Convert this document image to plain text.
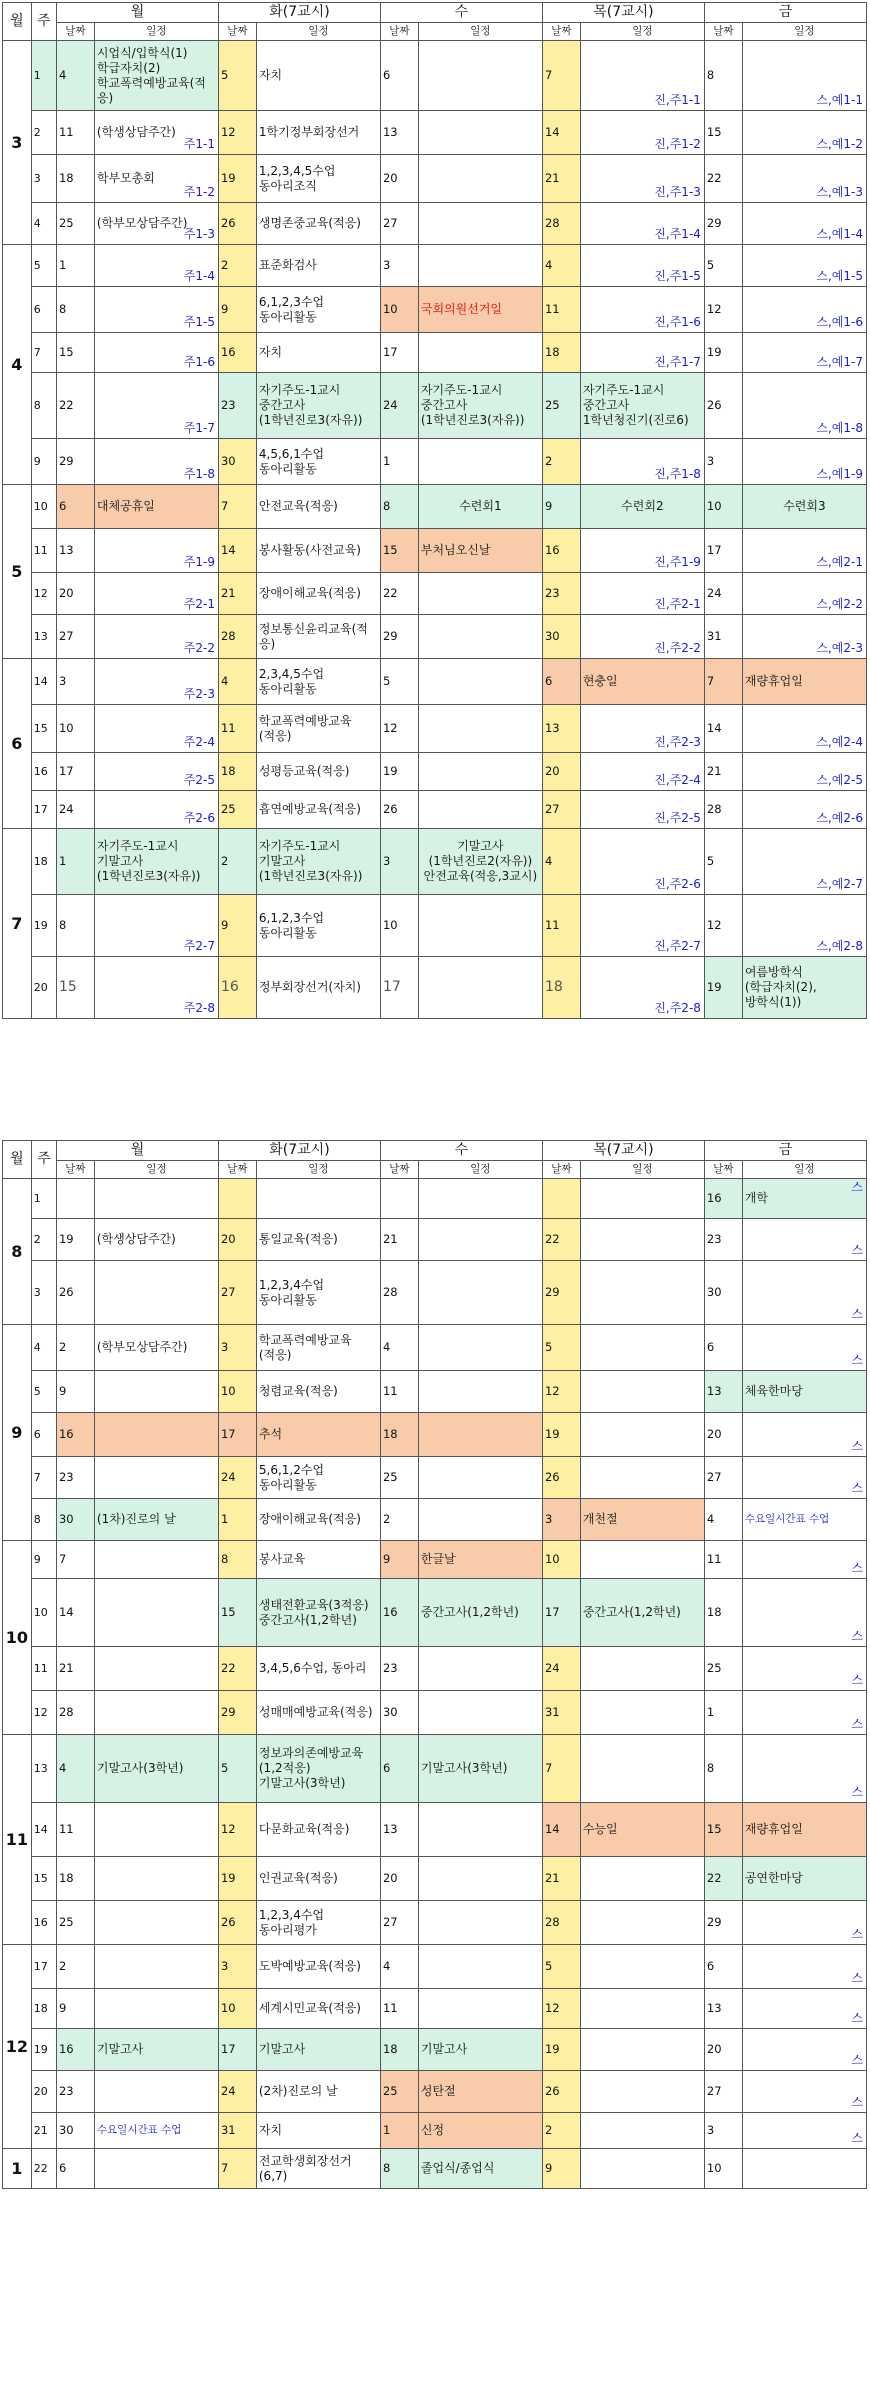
월	주	월		화(7교시)		수		목(7교시)		금	
		날짜	일정	날짜	일정	날짜	일정	날짜	일정	날짜	일정
3	1	4	시업식/입학식(1)
학급자치(2)
학교폭력예방교육(적응)	5	자치	6		7	진,주1-1	8	스,예1-1

	2	11	(학생상담주간)
주1-1	12	1학기정부회장선거	13		14	진,주1-2	15	스,예1-2

	3	18	학부모총회
주1-2	19	1,2,3,4,5수업
동아리조직	20		21	진,주1-3	22	스,예1-3

	4	25	(학부모상담주간)
주1-3	26	생명존중교육(적응)	27		28	진,주1-4	29	스,예1-4

4	5	1	주1-4	2	표준화검사	3		4	진,주1-5	5	스,예1-5

	6	8	주1-5	9	6,1,2,3수업
동아리활동	10	국회의원선거일	11	진,주1-6	12	스,예1-6

	7	15	주1-6	16	자치	17		18	진,주1-7	19	스,예1-7

	8	22	주1-7	23	자기주도-1교시
중간고사
(1학년진로3(자유))	24	자기주도-1교시
중간고사
(1학년진로3(자유))	25	자기주도-1교시
중간고사
1학년청진기(진로6)	26	스,예1-8

	9	29	주1-8	30	4,5,6,1수업
동아리활동	1		2	진,주1-8	3	스,예1-9

5	10	6	대체공휴일	7	안전교육(적응)	8	수련회1	9	수련회2	10	수련회3

	11	13	주1-9	14	봉사활동(사전교육)	15	부처님오신날	16	진,주1-9	17	스,예2-1

	12	20	주2-1	21	장애이해교육(적응)	22		23	진,주2-1	24	스,예2-2

	13	27	주2-2	28	정보통신윤리교육(적응)	29		30	진,주2-2	31	스,예2-3

6	14	3	주2-3	4	2,3,4,5수업
동아리활동	5		6	현충일	7	재량휴업일

	15	10	주2-4	11	학교폭력예방교육
(적응)	12		13	진,주2-3	14	스,예2-4

	16	17	주2-5	18	성평등교육(적응)	19		20	진,주2-4	21	스,예2-5

	17	24	주2-6	25	흡연예방교육(적응)	26		27	진,주2-5	28	스,예2-6

7	18	1	자기주도-1교시
기말고사
(1학년진로3(자유))	2	자기주도-1교시
기말고사
(1학년진로3(자유))	3	기말고사
(1학년진로2(자유))
안전교육(적응,3교시)	4	진,주2-6	5	스,예2-7

	19	8	주2-7	9	6,1,2,3수업
동아리활동	10		11	진,주2-7	12	스,예2-8

	20	15	주2-8	16	정부회장선거(자치)	17		18	진,주2-8	19	여름방학식
(학급자치(2),
방학식(1))
월	주	월		화(7교시)		수		목(7교시)		금	
		날짜	일정	날짜	일정	날짜	일정	날짜	일정	날짜	일정
8	1									16	개학
스

	2	19	(학생상담주간)	20	통일교육(적응)	21		22		23	스

	3	26		27	1,2,3,4수업
동아리활동	28		29		30	스

9	4	2	(학부모상담주간)	3	학교폭력예방교육
(적응)	4		5		6	스

	5	9		10	청렴교육(적응)	11		12		13	체육한마당

	6	16		17	추석	18		19		20	스

	7	23		24	5,6,1,2수업
동아리활동	25		26		27	스

	8	30	(1차)진로의 날	1	장애이해교육(적응)	2		3	개천절	4	수요일시간표 수업

10	9	7		8	봉사교육	9	한글날	10		11	스

	10	14		15	생태전환교육(3적응)
중간고사(1,2학년)	16	중간고사(1,2학년)	17	중간고사(1,2학년)	18	스

	11	21		22	3,4,5,6수업, 동아리	23		24		25	스

	12	28		29	성매매예방교육(적응)	30		31		1	스

11	13	4	기말고사(3학년)	5	정보과의존예방교육
(1,2적응)
기말고사(3학년)	6	기말고사(3학년)	7		8	스

	14	11		12	다문화교육(적응)	13		14	수능일	15	재량휴업일

	15	18		19	인권교육(적응)	20		21		22	공연한마당

	16	25		26	1,2,3,4수업
동아리평가	27		28		29	스

12	17	2		3	도박예방교육(적응)	4		5		6	스

	18	9		10	세계시민교육(적응)	11		12		13	스

	19	16	기말고사	17	기말고사	18	기말고사	19		20	스

	20	23		24	(2차)진로의 날	25	성탄절	26		27	스

	21	30	수요일시간표 수업	31	자치	1	신정	2		3	스

1	22	6		7	전교학생회장선거(6,7)	8	졸업식/종업식	9		10	
